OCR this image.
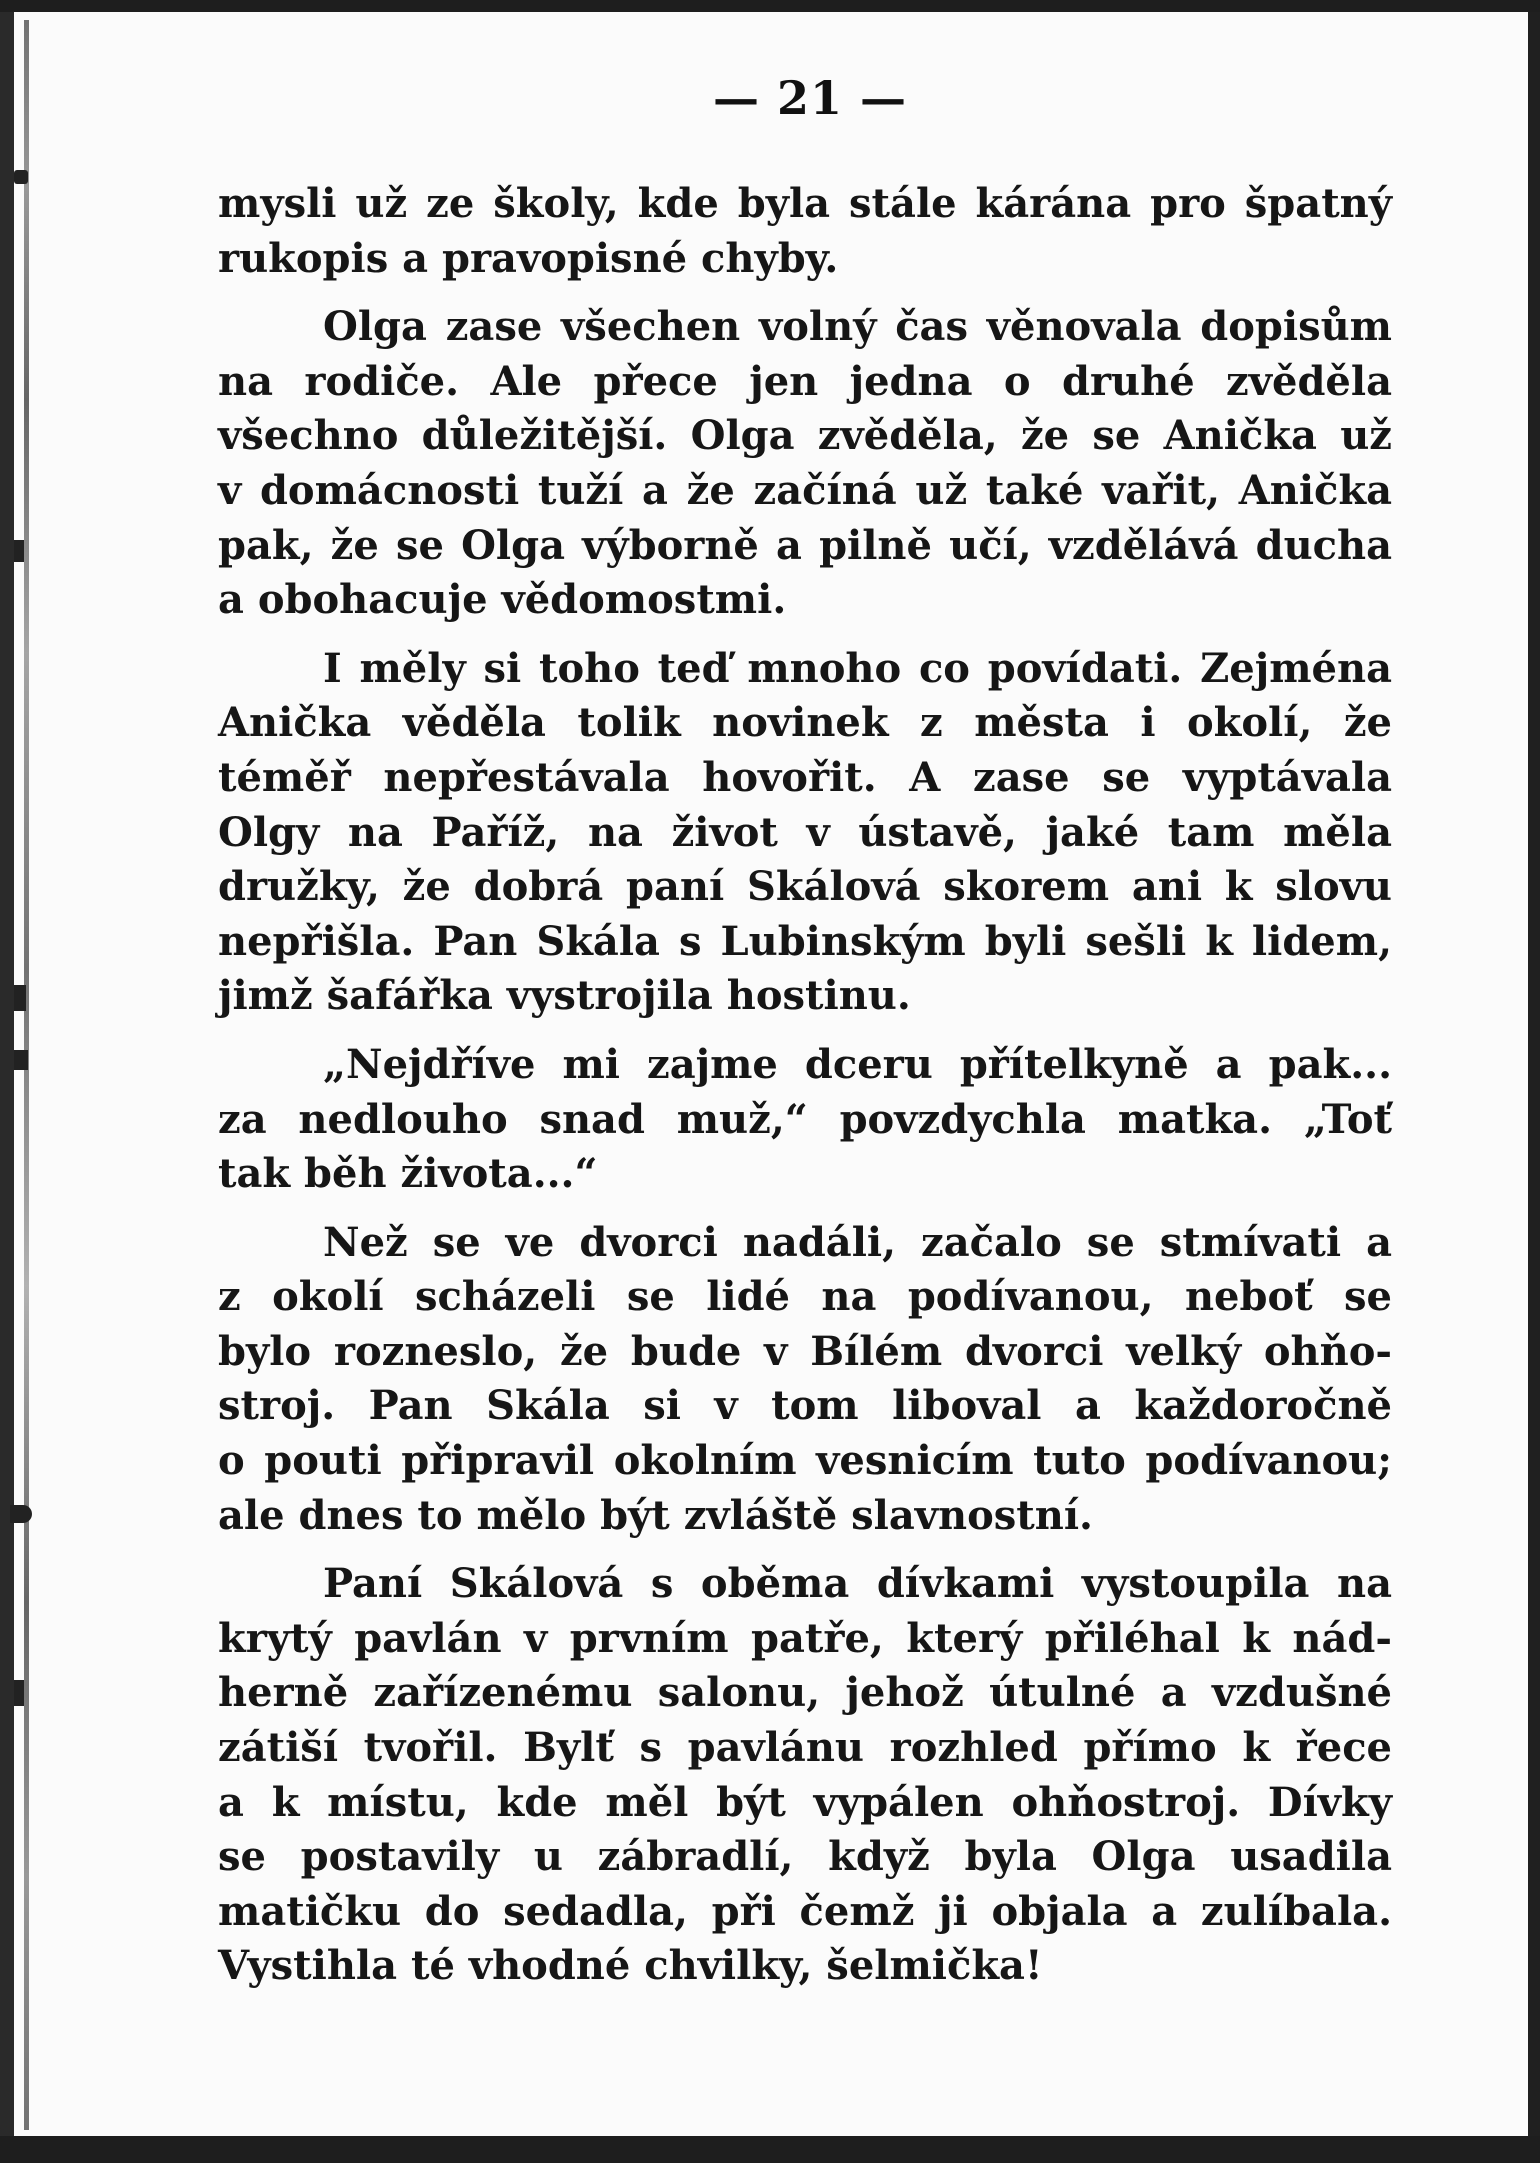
— 21 —
mysli už ze školy, kde byla stále kárána pro špatný
rukopis a pravopisné chyby.
Olga zase všechen volný čas věnovala dopisům
na rodiče. Ale přece jen jedna o druhé zvěděla
všechno důležitější. Olga zvěděla, že se Anička už
v domácnosti tuží a že začíná už také vařit, Anička
pak, že se Olga výborně a pilně učí, vzdělává ducha
a obohacuje vědomostmi.
I měly si toho teď mnoho co povídati. Zejména
Anička věděla tolik novinek z města i okolí, že
téměř nepřestávala hovořit. A zase se vyptávala
Olgy na Paříž, na život v ústavě, jaké tam měla
družky, že dobrá paní Skálová skorem ani k slovu
nepřišla. Pan Skála s Lubinským byli sešli k lidem,
jimž šafářka vystrojila hostinu.
„Nejdříve mi zajme dceru přítelkyně a pak...
za nedlouho snad muž,“ povzdychla matka. „Toť
tak běh života...“
Než se ve dvorci nadáli, začalo se stmívati a
z okolí scházeli se lidé na podívanou, neboť se
bylo rozneslo, že bude v Bílém dvorci velký ohňo-
stroj. Pan Skála si v tom liboval a každoročně
o pouti připravil okolním vesnicím tuto podívanou;
ale dnes to mělo být zvláště slavnostní.
Paní Skálová s oběma dívkami vystoupila na
krytý pavlán v prvním patře, který přiléhal k nád-
herně zařízenému salonu, jehož útulné a vzdušné
zátiší tvořil. Bylť s pavlánu rozhled přímo k řece
a k místu, kde měl být vypálen ohňostroj. Dívky
se postavily u zábradlí, když byla Olga usadila
matičku do sedadla, při čemž ji objala a zulíbala.
Vystihla té vhodné chvilky, šelmička!
